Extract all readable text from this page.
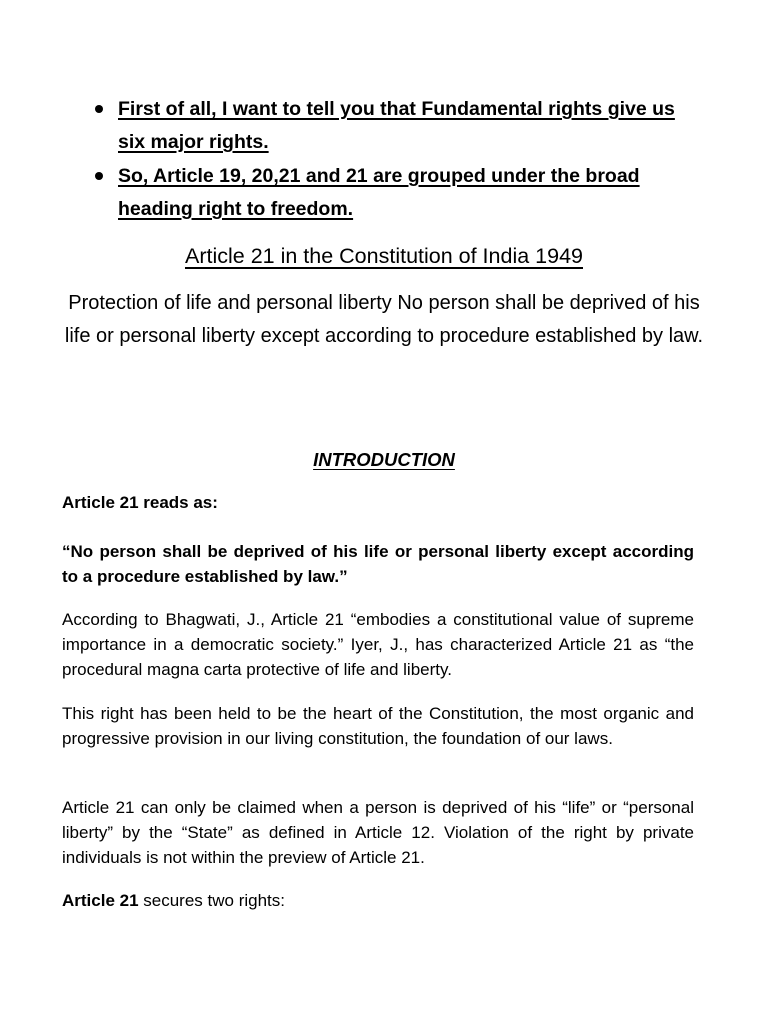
First of all, I want to tell you that Fundamental rights give us six major rights.
So, Article 19, 20,21 and 21 are grouped under the broad heading right to freedom.
Article 21 in the Constitution of India 1949

Protection of life and personal liberty No person shall be deprived of his life or personal liberty except according to procedure established by law.

INTRODUCTION

Article 21 reads as:

“No person shall be deprived of his life or personal liberty except according to a procedure established by law.”

According to Bhagwati, J., Article 21 “embodies a constitutional value of supreme importance in a democratic society.” Iyer, J., has characterized Article 21 as “the procedural magna carta protective of life and liberty.

This right has been held to be the heart of the Constitution, the most organic and progressive provision in our living constitution, the foundation of our laws.

Article 21 can only be claimed when a person is deprived of his “life” or “personal liberty” by the “State” as defined in Article 12. Violation of the right by private individuals is not within the preview of Article 21.

Article 21 secures two rights:
